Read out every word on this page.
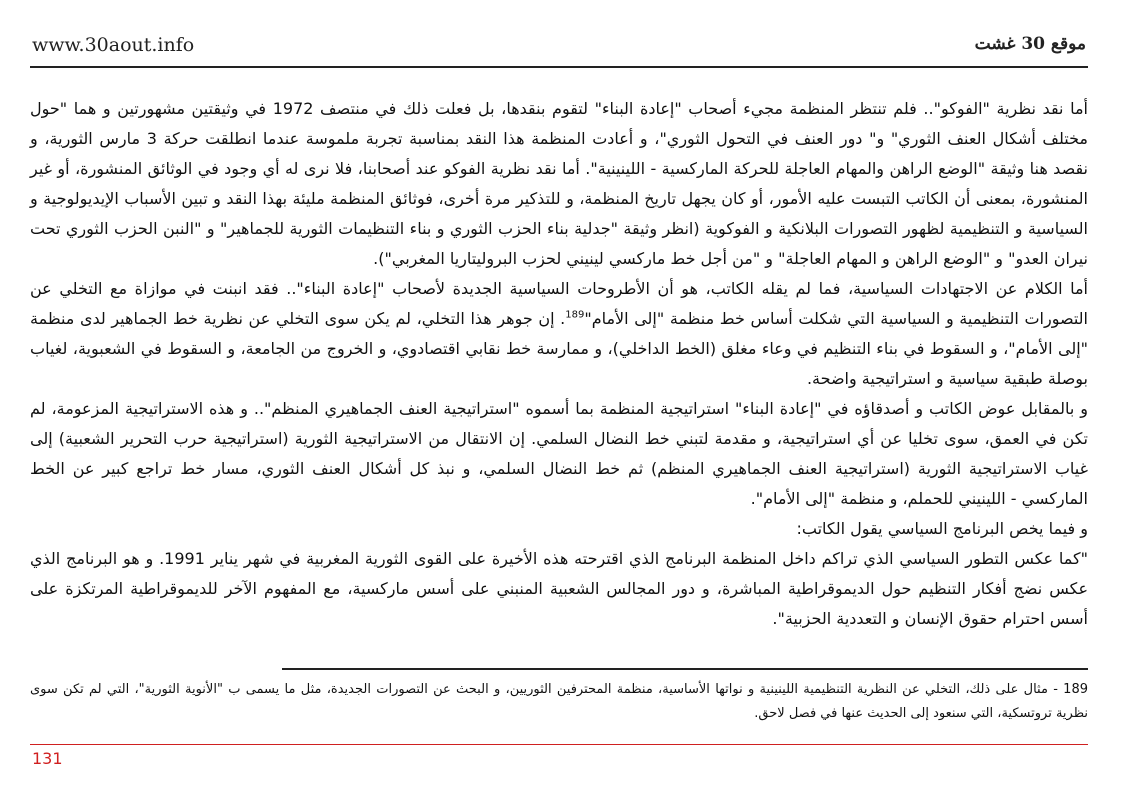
www.30aout.info	موقع 30 غشت

أما نقد نظرية "الفوكو".. فلم تنتظر المنظمة مجيء أصحاب "إعادة البناء" لتقوم بنقدها، بل فعلت ذلك في منتصف 1972 في وثيقتين مشهورتين و هما "حول مختلف أشكال العنف الثوري" و" دور العنف في التحول الثوري"، و أعادت المنظمة هذا النقد بمناسبة تجربة ملموسة عندما انطلقت حركة 3 مارس الثورية، و نقصد هنا وثيقة "الوضع الراهن والمهام العاجلة للحركة الماركسية - اللينينية". أما نقد نظرية الفوكو عند أصحابنا، فلا نرى له أي وجود في الوثائق المنشورة، أو غير المنشورة، بمعنى أن الكاتب التبست عليه الأمور، أو كان يجهل تاريخ المنظمة، و للتذكير مرة أخرى، فوثائق المنظمة مليئة بهذا النقد و تبين الأسباب الإيديولوجية و السياسية و التنظيمية لظهور التصورات البلانكية و الفوكوية (انظر وثيقة "جدلية بناء الحزب الثوري و بناء التنظيمات الثورية للجماهير" و "النبن الحزب الثوري تحت نيران العدو" و "الوضع الراهن و المهام العاجلة" و "من أجل خط ماركسي لينيني لحزب البروليتاريا المغربي").

أما الكلام عن الاجتهادات السياسية، فما لم يقله الكاتب، هو أن الأطروحات السياسية الجديدة لأصحاب "إعادة البناء".. فقد انبنت في موازاة مع التخلي عن التصورات التنظيمية و السياسية التي شكلت أساس خط منظمة "إلى الأمام"$^{189}$. إن جوهر هذا التخلي، لم يكن سوى التخلي عن نظرية خط الجماهير لدى منظمة "إلى الأمام"، و السقوط في بناء التنظيم في وعاء مغلق (الخط الداخلي)، و ممارسة خط نقابي اقتصادوي، و الخروج من الجامعة، و السقوط في الشعبوية، لغياب بوصلة طبقية سياسية و استراتيجية واضحة.

و بالمقابل عوض الكاتب و أصدقاؤه في "إعادة البناء" استراتيجية المنظمة بما أسموه "استراتيجية العنف الجماهيري المنظم".. و هذه الاستراتيجية المزعومة، لم تكن في العمق، سوى تخليا عن أي استراتيجية، و مقدمة لتبني خط النضال السلمي. إن الانتقال من الاستراتيجية الثورية (استراتيجية حرب التحرير الشعبية) إلى غياب الاستراتيجية الثورية (استراتيجية العنف الجماهيري المنظم) ثم خط النضال السلمي، و نبذ كل أشكال العنف الثوري، مسار خط تراجع كبير عن الخط الماركسي - اللينيني للحملم، و منظمة "إلى الأمام".

و فيما يخص البرنامج السياسي يقول الكاتب:

"كما عكس التطور السياسي الذي تراكم داخل المنظمة البرنامج الذي اقترحته هذه الأخيرة على القوى الثورية المغربية في شهر يناير 1991. و هو البرنامج الذي عكس نضج أفكار التنظيم حول الديموقراطية المباشرة، و دور المجالس الشعبية المنبني على أسس ماركسية، مع المفهوم الآخر للديموقراطية المرتكزة على أسس احترام حقوق الإنسان و التعددية الحزبية".

189 - مثال على ذلك، التخلي عن النظرية التنظيمية اللينينية و نواتها الأساسية، منظمة المحترفين الثوريين، و البحث عن التصورات الجديدة، مثل ما يسمى ب "الأنوية الثورية"، التي لم تكن سوى نظرية تروتسكية، التي سنعود إلى الحديث عنها في فصل لاحق.
131
